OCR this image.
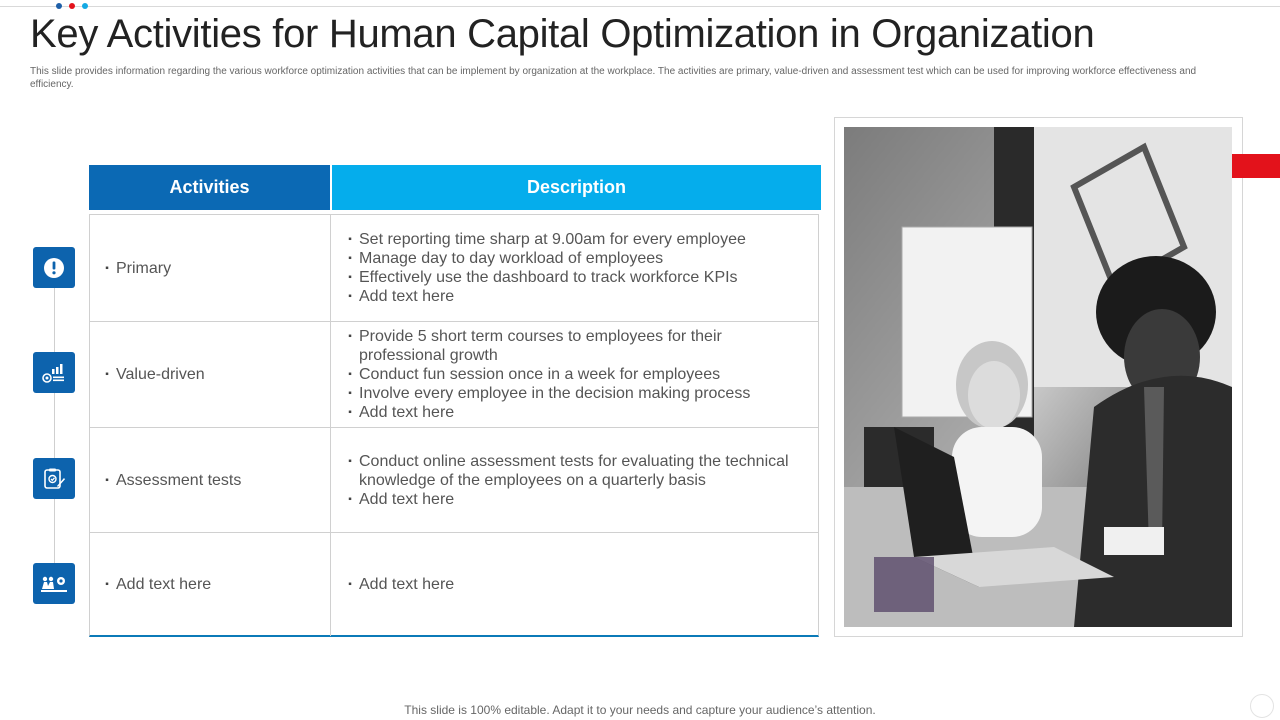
Key Activities for Human Capital Optimization in Organization
This slide provides information regarding the various workforce optimization activities that can be implement by organization at the workplace. The activities are primary, value-driven and assessment test which can be used for improving workforce effectiveness and efficiency.
Activities	Description
▪ Primary
▪ Set reporting time sharp at 9.00am for every employee
▪ Manage day to day workload of employees
▪ Effectively use the dashboard to track workforce KPIs
▪ Add text here
▪ Value-driven
▪ Provide 5 short term courses to employees for their professional growth
▪ Conduct fun session once in a week for employees
▪ Involve every employee in the decision making process
▪ Add text here
▪ Assessment tests
▪ Conduct online assessment tests for evaluating the technical knowledge of the employees on a quarterly basis
▪ Add text here
▪ Add text here	▪ Add text here
This slide is 100% editable. Adapt it to your needs and capture your audience’s attention.
